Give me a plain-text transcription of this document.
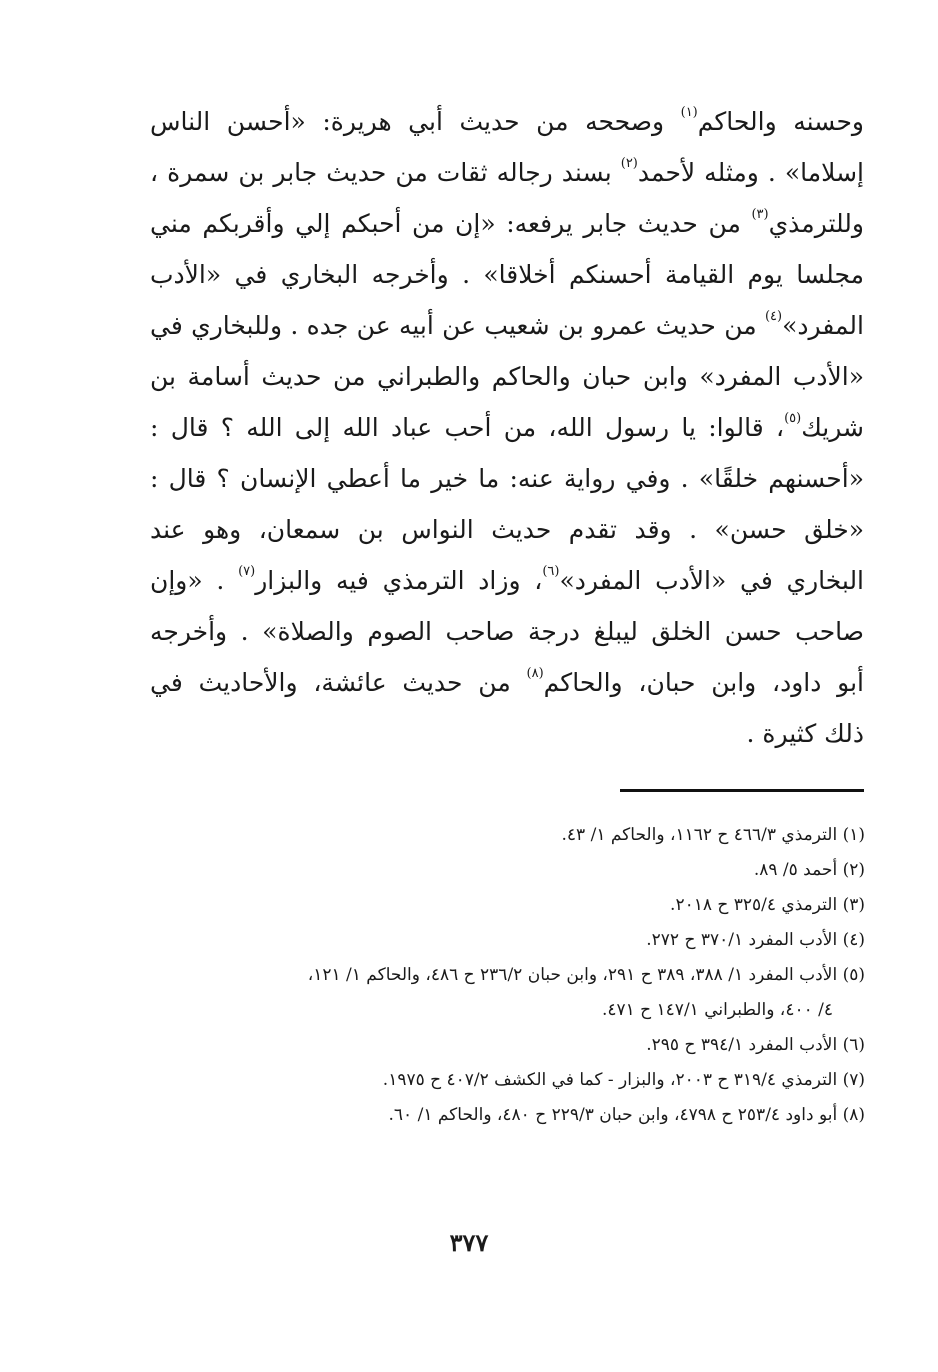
وحسنه والحاكم$^{(١)}$ وصححه من حديث أبي هريرة: «أحسن الناس
إسلاما» . ومثله لأحمد$^{(٢)}$ بسند رجاله ثقات من حديث جابر بن سمرة ،
وللترمذي$^{(٣)}$ من حديث جابر يرفعه: «إن من أحبكم إلي وأقربكم مني
مجلسا يوم القيامة أحسنكم أخلاقا» . وأخرجه البخاري في «الأدب
المفرد»$^{(٤)}$ من حديث عمرو بن شعيب عن أبيه عن جده . وللبخاري في
«الأدب المفرد» وابن حبان والحاكم والطبراني من حديث أسامة بن
شريك$^{(٥)}$، قالوا: يا رسول الله، من أحب عباد الله إلى الله ؟ قال :
«أحسنهم خلقًا» . وفي رواية عنه: ما خير ما أعطي الإنسان ؟ قال :
«خلق حسن» . وقد تقدم حديث النواس بن سمعان، وهو عند
البخاري في «الأدب المفرد»$^{(٦)}$، وزاد الترمذي فيه والبزار$^{(٧)}$ . «وإن
صاحب حسن الخلق ليبلغ درجة صاحب الصوم والصلاة» . وأخرجه
أبو داود، وابن حبان، والحاكم$^{(٨)}$ من حديث عائشة، والأحاديث في
ذلك كثيرة .
(١) الترمذي ٤٦٦/٣ ح ١١٦٢، والحاكم ١/ ٤٣.
(٢) أحمد ٥/ ٨٩.
(٣) الترمذي ٣٢٥/٤ ح ٢٠١٨.
(٤) الأدب المفرد ٣٧٠/١ ح ٢٧٢.
(٥) الأدب المفرد ١/ ٣٨٨، ٣٨٩ ح ٢٩١، وابن حبان ٢٣٦/٢ ح ٤٨٦، والحاكم ١/ ١٢١،
٤/ ٤٠٠، والطبراني ١٤٧/١ ح ٤٧١.
(٦) الأدب المفرد ٣٩٤/١ ح ٢٩٥.
(٧) الترمذي ٣١٩/٤ ح ٢٠٠٣، والبزار - كما في الكشف ٤٠٧/٢ ح ١٩٧٥.
(٨) أبو داود ٢٥٣/٤ ح ٤٧٩٨، وابن حبان ٢٢٩/٣ ح ٤٨٠، والحاكم ١/ ٦٠.
٣٧٧
